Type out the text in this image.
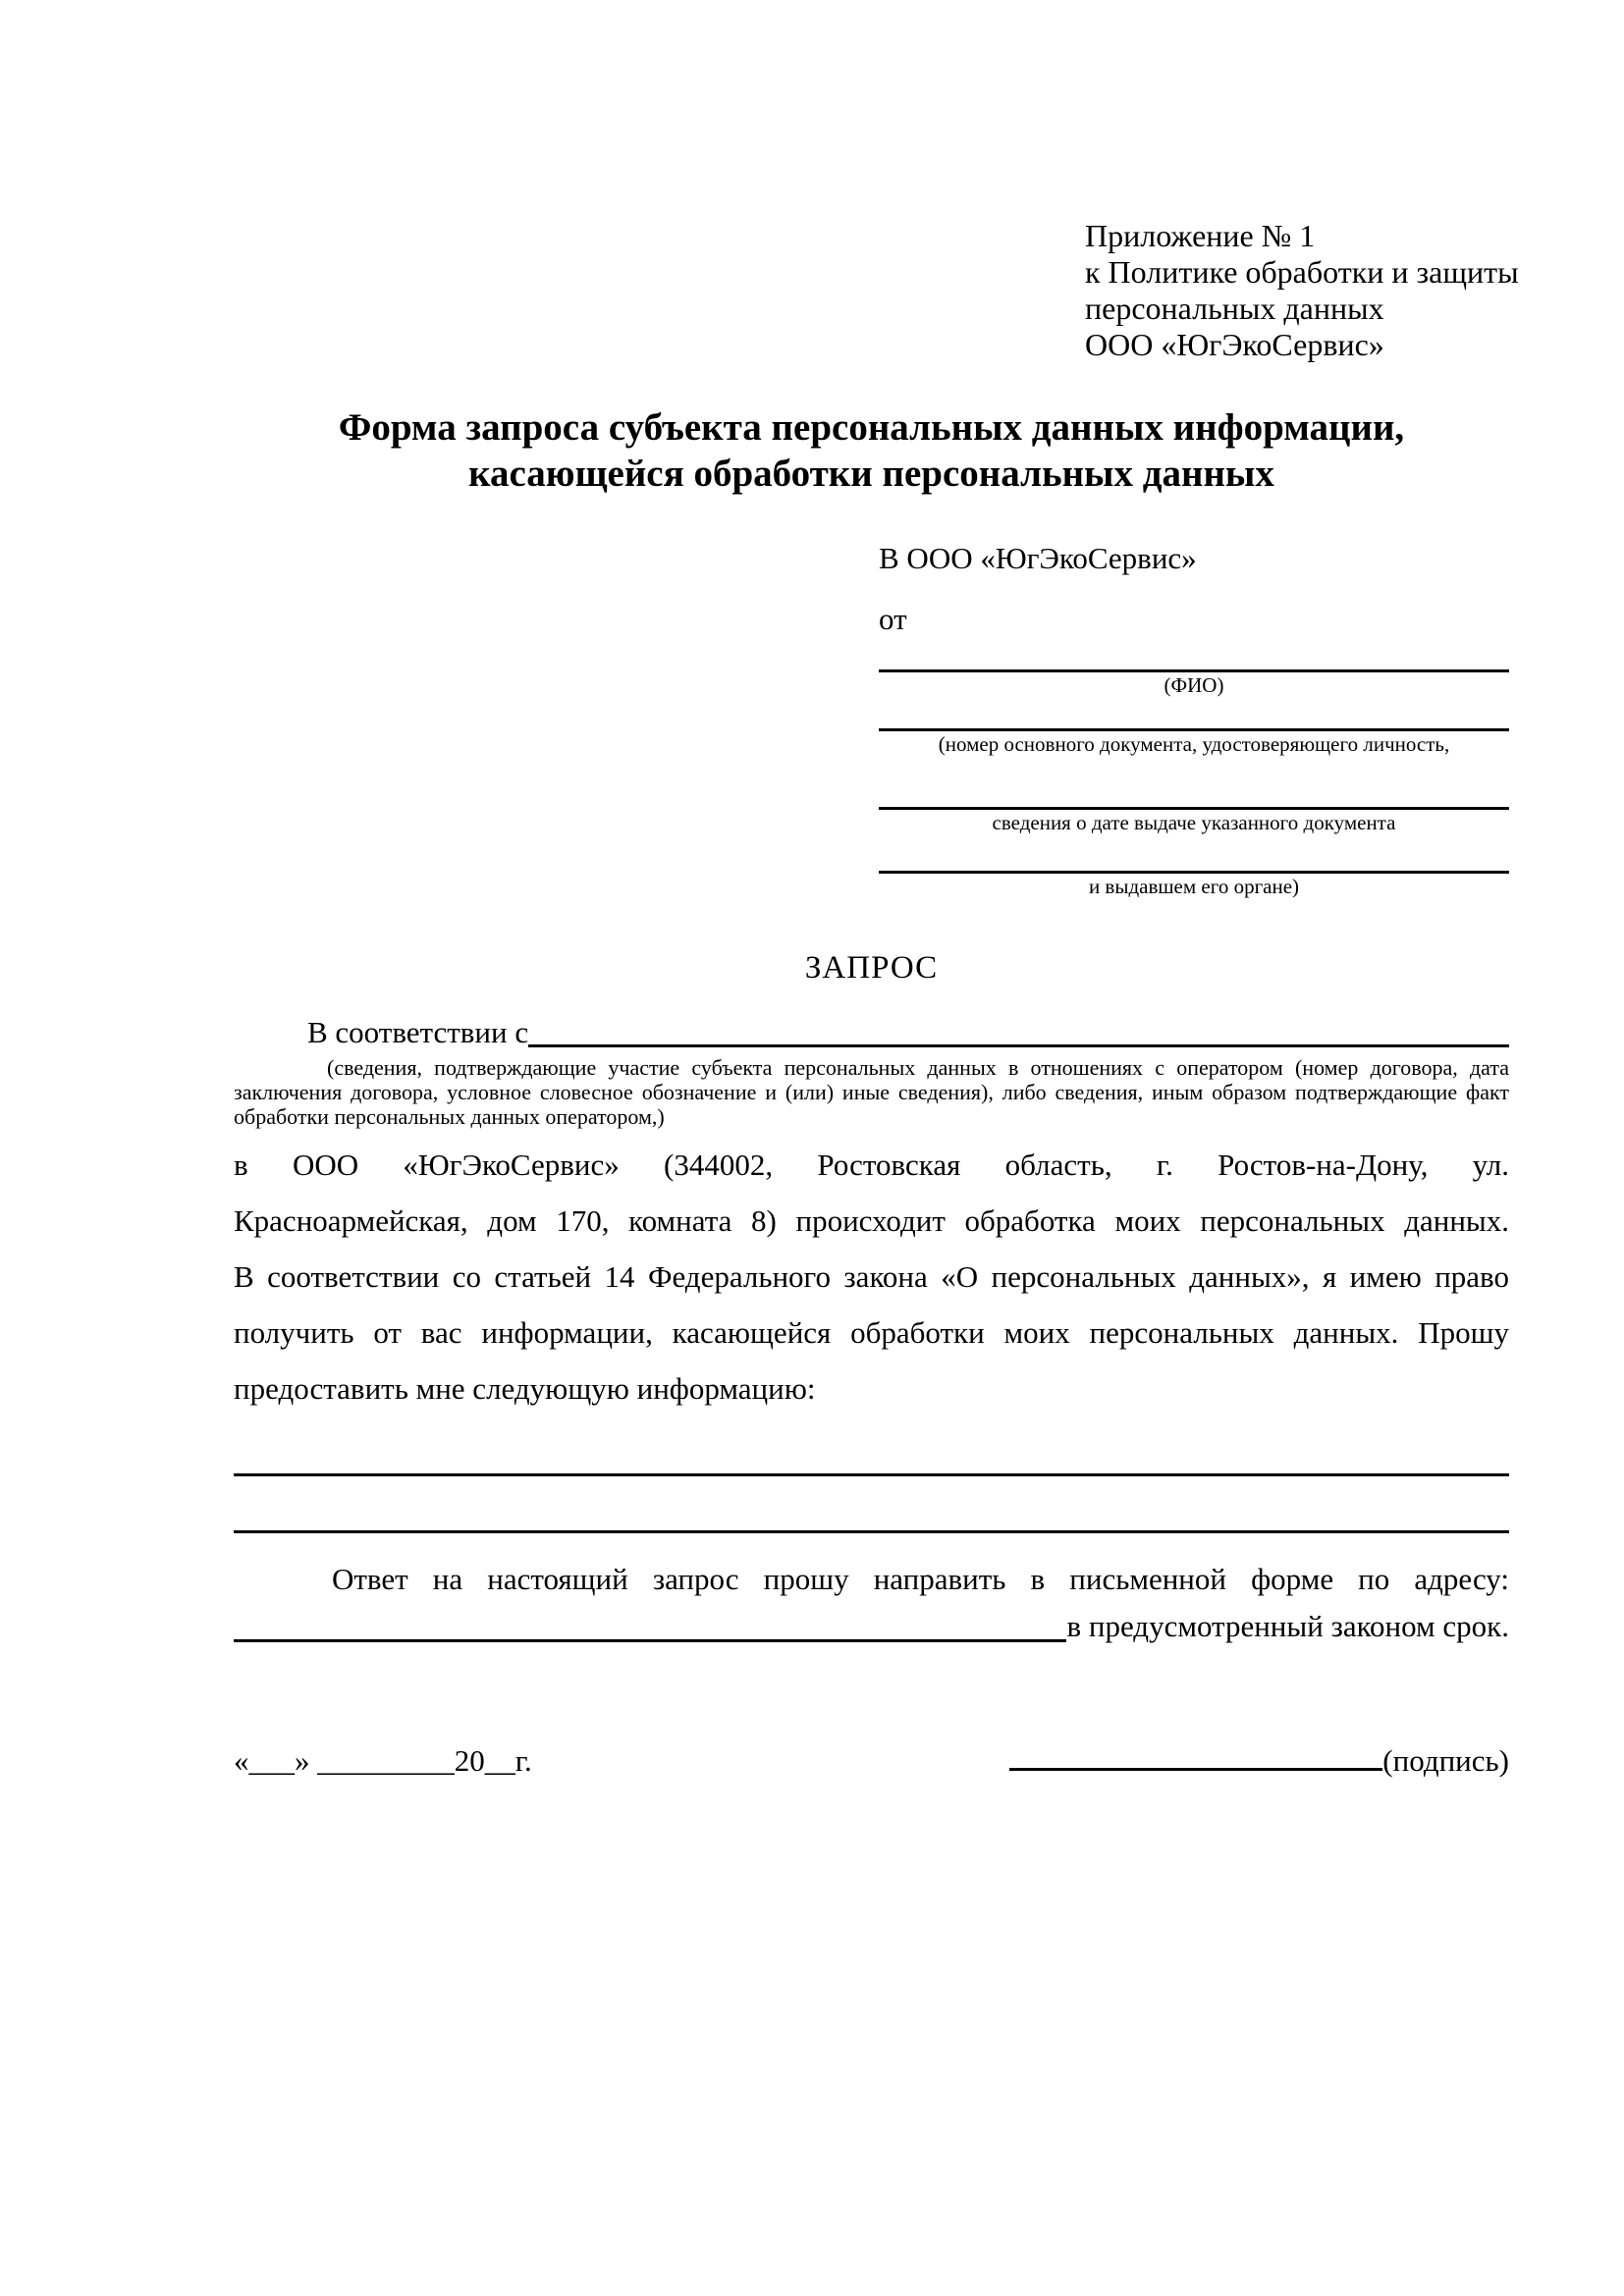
Приложение № 1
к Политике обработки и защиты
персональных данных
ООО «ЮгЭкоСервис»
Форма запроса субъекта персональных данных информации,
касающейся обработки персональных данных
В ООО «ЮгЭкоСервис»
от
(ФИО)
(номер основного документа, удостоверяющего личность,
сведения о дате выдаче указанного документа
и выдавшем его органе)
ЗАПРОС
В соответствии с
(сведения, подтверждающие участие субъекта персональных данных в отношениях с оператором (номер договора, дата
заключения договора, условное словесное обозначение и (или) иные сведения), либо сведения, иным образом подтверждающие факт
обработки персональных данных оператором,)
в ООО «ЮгЭкоСервис» (344002, Ростовская область, г. Ростов-на-Дону, ул.
Красноармейская, дом 170, комната 8) происходит обработка моих персональных данных.
В соответствии со статьей 14 Федерального закона «О персональных данных», я имею право
получить от вас информации, касающейся обработки моих персональных данных. Прошу
предоставить мне следующую информацию:
Ответ на настоящий запрос прошу направить в письменной форме по адресу:
в предусмотренный законом срок.
«___» _________20__г.	(подпись)
